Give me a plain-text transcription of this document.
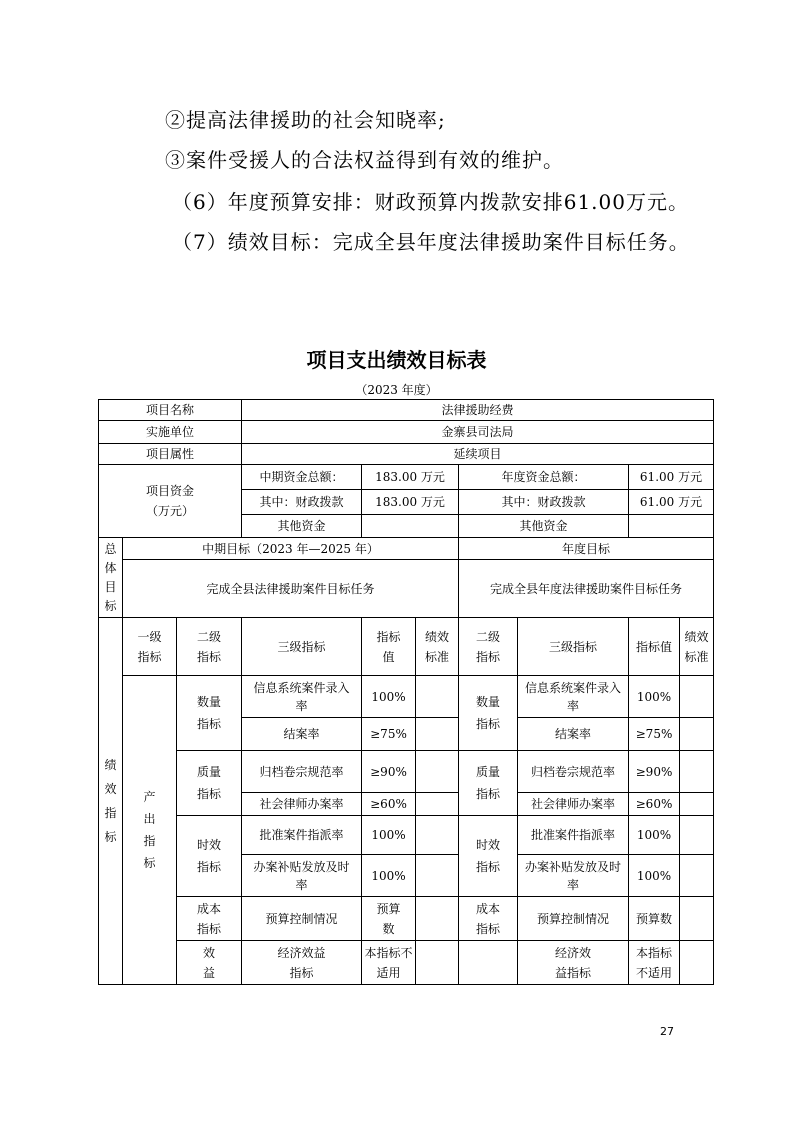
②提高法律援助的社会知晓率;
③案件受援人的合法权益得到有效的维护。
（6）年度预算安排：财政预算内拨款安排61.00万元。
（7）绩效目标：完成全县年度法律援助案件目标任务。
项目支出绩效目标表
（2023 年度）
项目名称			法律援助经费							
实施单位			金寨县司法局							
项目属性			延续项目							
项目资金
（万元）			中期资金总额：	183.00 万元		年度资金总额：		61.00 万元		
			其中：财政拨款	183.00 万元		其中：财政拨款		61.00 万元		
			其他资金			其他资金				

总体目标	中期目标（2023 年—2025 年）					年度目标				
	完成全县法律援助案件目标任务					完成全县年度法律援助案件目标任务				

绩效指标	一级指标	二级指标	三级指标	指标值	绩效标准	二级指标	三级指标	指标值	绩效标准	

	产出指标	数量指标	信息系统案件录入率	100%		数量指标	信息系统案件录入率	100%		
			结案率	≥75%			结案率	≥75%		

		质量指标	归档卷宗规范率	≥90%		质量指标	归档卷宗规范率	≥90%		
			社会律师办案率	≥60%			社会律师办案率	≥60%		

		时效指标	批准案件指派率	100%		时效指标	批准案件指派率	100%		

			办案补贴发放及时率	100%			办案补贴发放及时率	100%		

		成本指标	预算控制情况	预算数		成本指标	预算控制情况	预算数		

		效益	经济效益指标	本指标不适用			经济效益指标	本指标不适用		
27
